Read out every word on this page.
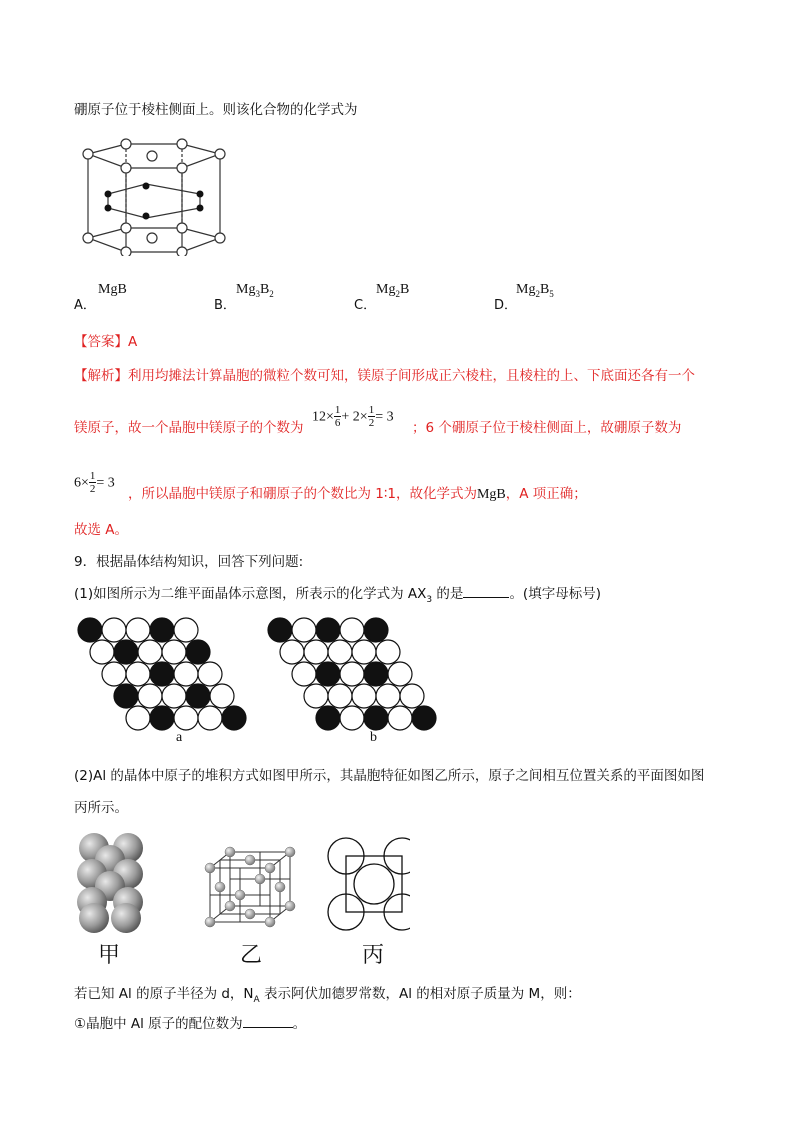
硼原子位于棱柱侧面上。则该化合物的化学式为
A．
MgB
B．
$Mg_3B_2$
C．
$Mg_2B$
D．
$Mg_2B_5$
【答案】A
【解析】利用均摊法计算晶胞的微粒个数可知，镁原子间形成正六棱柱，且棱柱的上、下底面还各有一个
镁原子，故一个晶胞中镁原子的个数为
$12\times \frac{1}{6} + 2\times \frac{1}{2} = 3$
；6 个硼原子位于棱柱侧面上，故硼原子数为
$6\times \frac{1}{2} = 3$
，所以晶胞中镁原子和硼原子的个数比为 1∶1，故化学式为MgB，A 项正确；
故选 A。
9．根据晶体结构知识，回答下列问题:
(1)如图所示为二维平面晶体示意图，所表示的化学式为 $AX_3$ 的是	。(填字母标号)
a	b
(2)Al 的晶体中原子的堆积方式如图甲所示，其晶胞特征如图乙所示，原子之间相互位置关系的平面图如图
丙所示。
甲	乙	丙
若已知 Al 的原子半径为 d，$N_A$ 表示阿伏加德罗常数，Al 的相对原子质量为 M，则：
①晶胞中 Al 原子的配位数为	。
